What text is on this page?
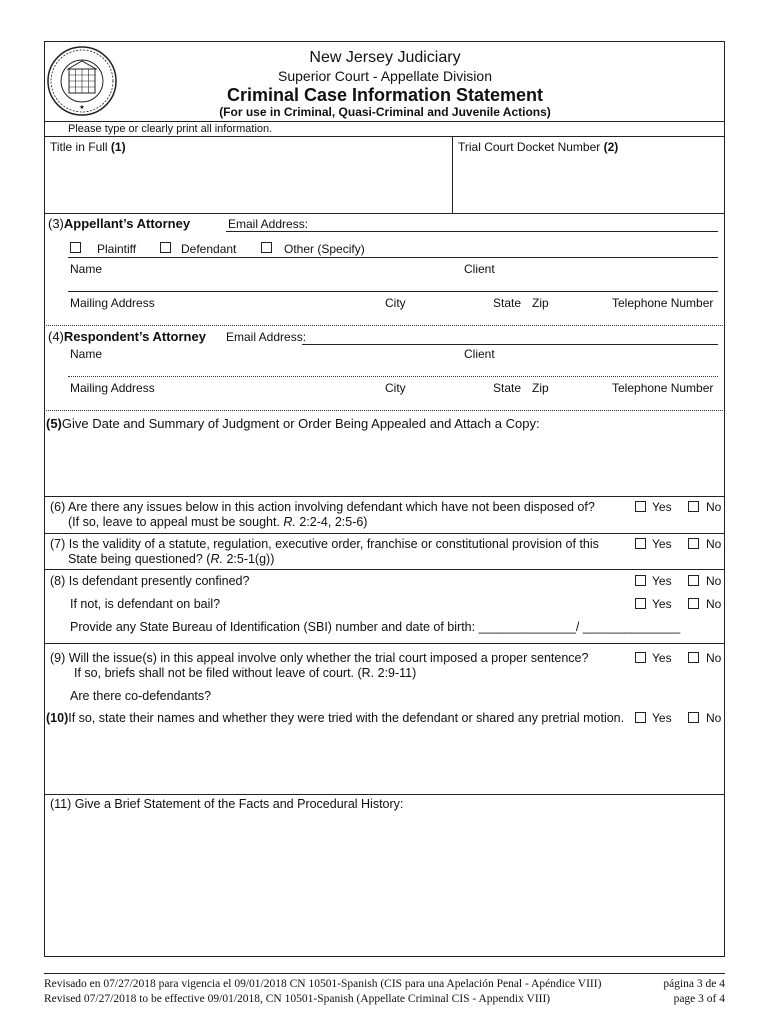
★
New Jersey Judiciary
Superior Court - Appellate Division
Criminal Case Information Statement
(For use in Criminal, Quasi-Criminal and Juvenile Actions)
Please type or clearly print all information.
Title in Full (1)	Trial Court Docket Number (2)
(3)Appellant’s Attorney	Email Address:
Plaintiff	Defendant	Other (Specify)
Name	Client
Mailing Address	City	State Zip	Telephone Number
(4)Respondent’s Attorney Email Address:
Name	Client
Mailing Address	City	State Zip	Telephone Number
(5)Give Date and Summary of Judgment or Order Being Appealed and Attach a Copy:
(6) Are there any issues below in this action involving defendant which have not been disposed of?
(If so, leave to appeal must be sought. R. 2:2-4, 2:5-6)
Yes	No
(7) Is the validity of a statute, regulation, executive order, franchise or constitutional provision of this
State being questioned? (R. 2:5-1(g))
Yes	No
(8) Is defendant presently confined?	Yes	No
If not, is defendant on bail?	Yes	No
Provide any State Bureau of Identification (SBI) number and date of birth: ______________/ ______________
(9) Will the issue(s) in this appeal involve only whether the trial court imposed a proper sentence?
If so, briefs shall not be filed without leave of court. (R. 2:9-11)
Yes	No
Are there co-defendants?
(10)If so, state their names and whether they were tried with the defendant or shared any pretrial motion. Yes	No
(11) Give a Brief Statement of the Facts and Procedural History:
Revisado en 07/27/2018 para vigencia el 09/01/2018 CN 10501-Spanish (CIS para una Apelación Penal - Apéndice VIII)
Revised 07/27/2018 to be effective 09/01/2018, CN 10501-Spanish (Appellate Criminal CIS - Appendix VIII)
página 3 de 4
page 3 of 4
